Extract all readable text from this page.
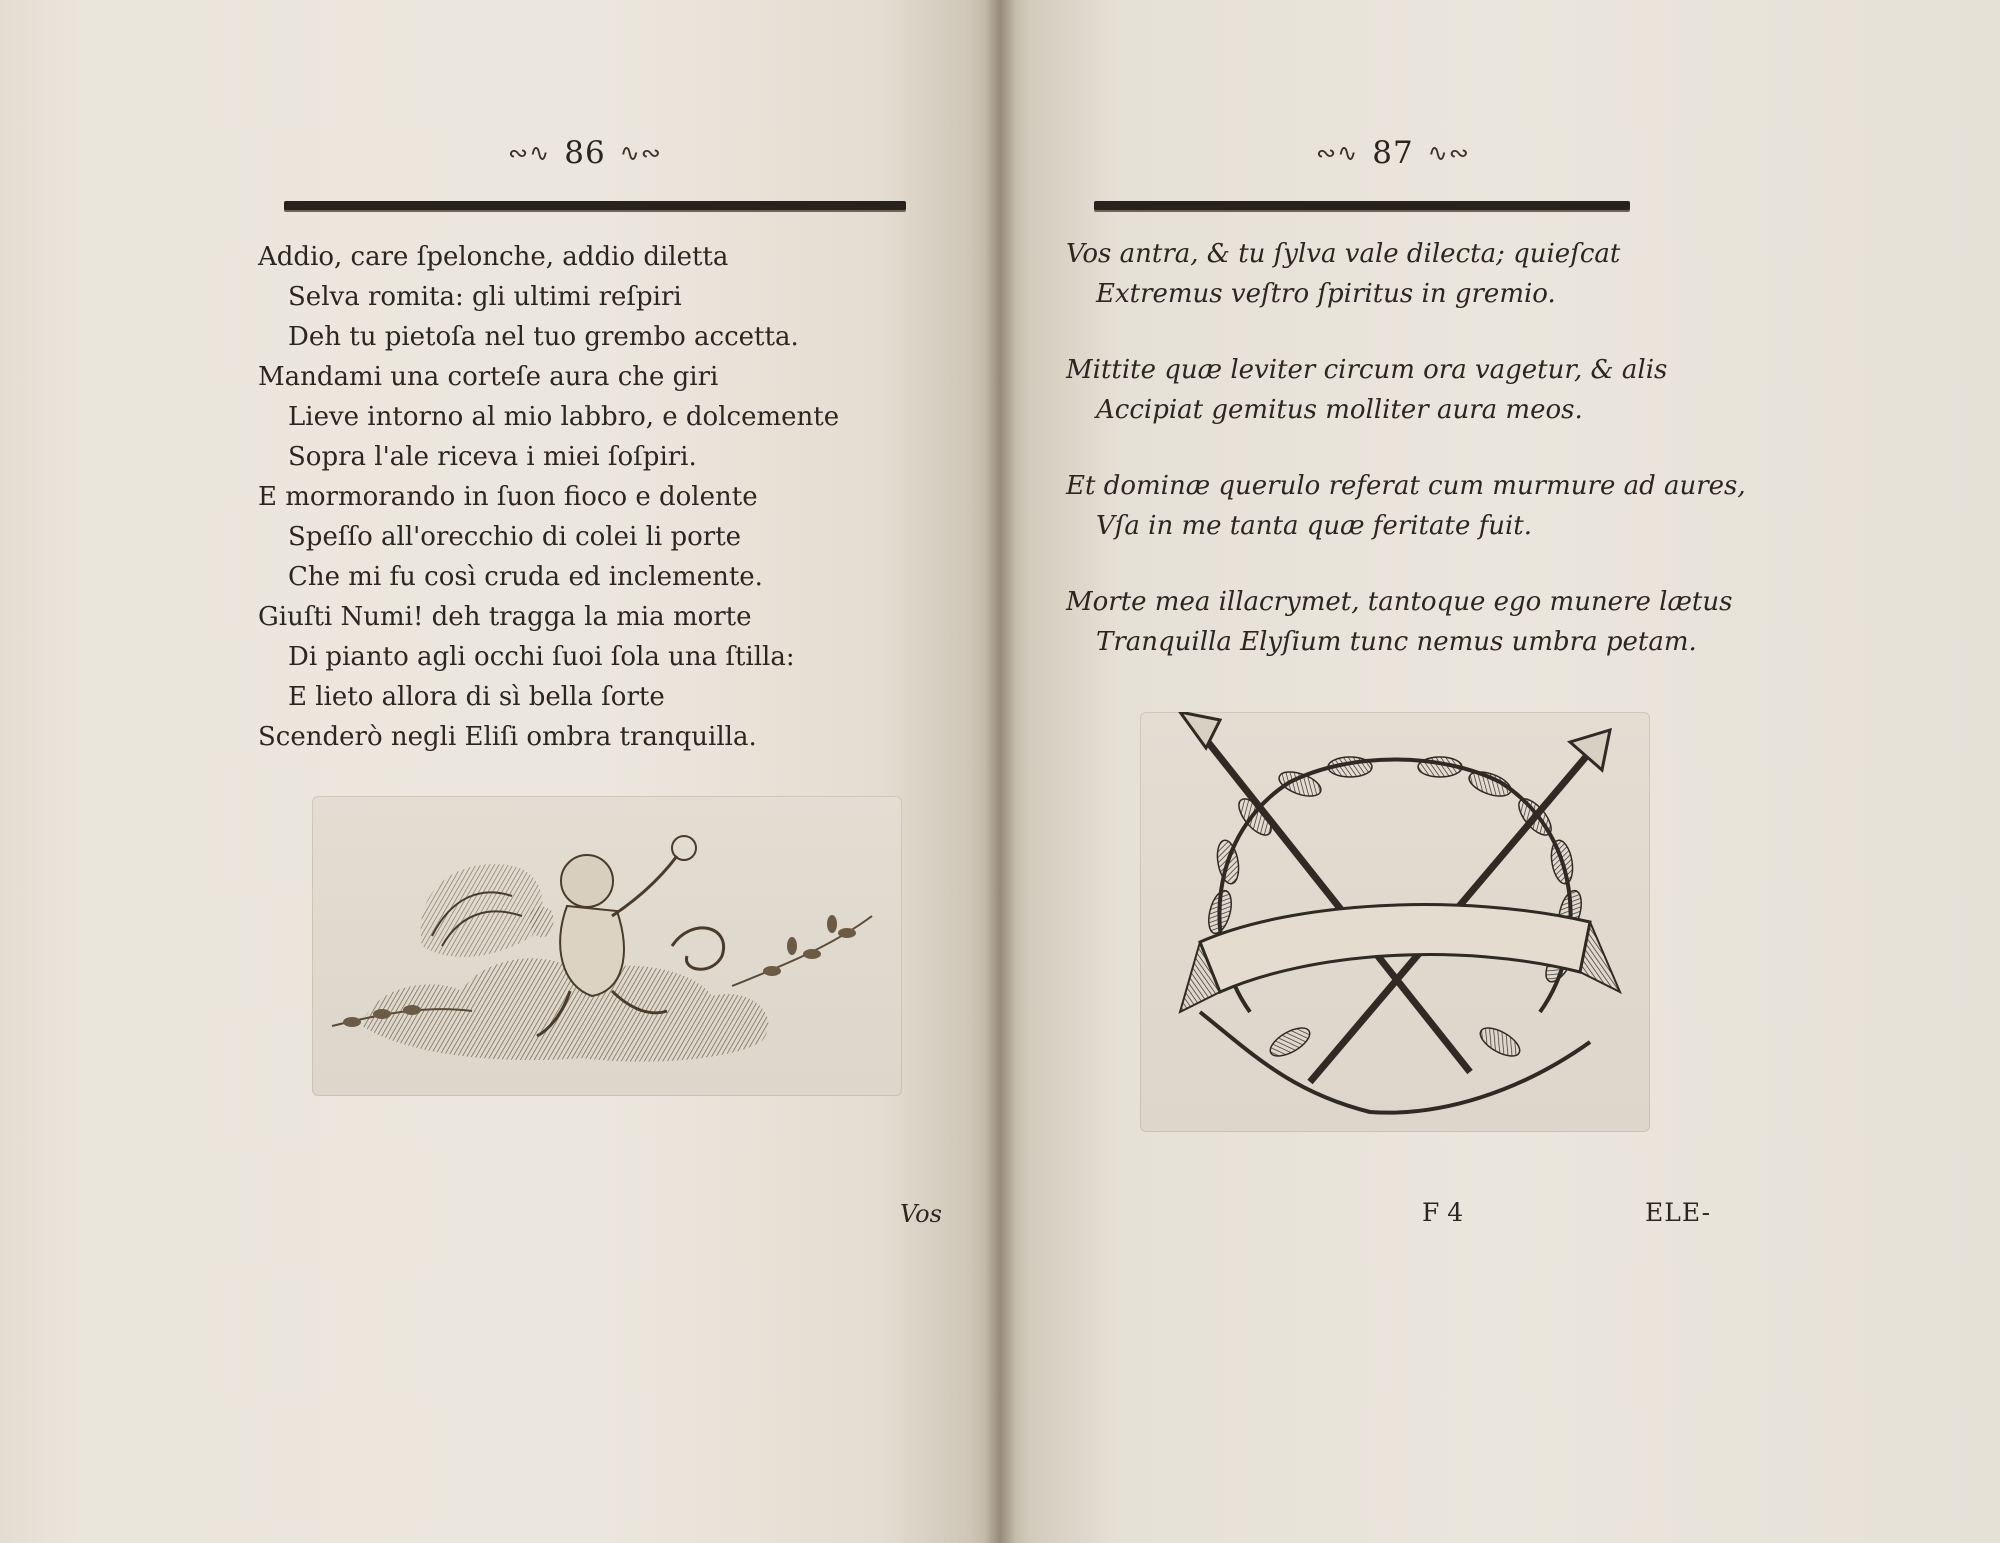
∾∿ 86 ∿∾
Addio, care ſpelonche, addio diletta
Selva romita: gli ultimi reſpiri
Deh tu pietoſa nel tuo grembo accetta.
Mandami una corteſe aura che giri
Lieve intorno al mio labbro, e dolcemente
Sopra l'ale riceva i miei ſoſpiri.
E mormorando in ſuon fioco e dolente
Speſſo all'orecchio di colei li porte
Che mi fu così cruda ed inclemente.
Giuſti Numi! deh tragga la mia morte
Di pianto agli occhi ſuoi ſola una ſtilla:
E lieto allora di sì bella ſorte
Scenderò negli Eliſi ombra tranquilla.
Vos
∾∿ 87 ∿∾
Vos antra, & tu ſylva vale dilecta; quieſcat
Extremus veſtro ſpiritus in gremio.
Mittite quæ leviter circum ora vagetur, & alis
Accipiat gemitus molliter aura meos.
Et dominæ querulo referat cum murmure ad aures,
Vſa in me tanta quæ feritate fuit.
Morte mea illacrymet, tantoque ego munere lætus
Tranquilla Elyſium tunc nemus umbra petam.
F 4	ELE-
